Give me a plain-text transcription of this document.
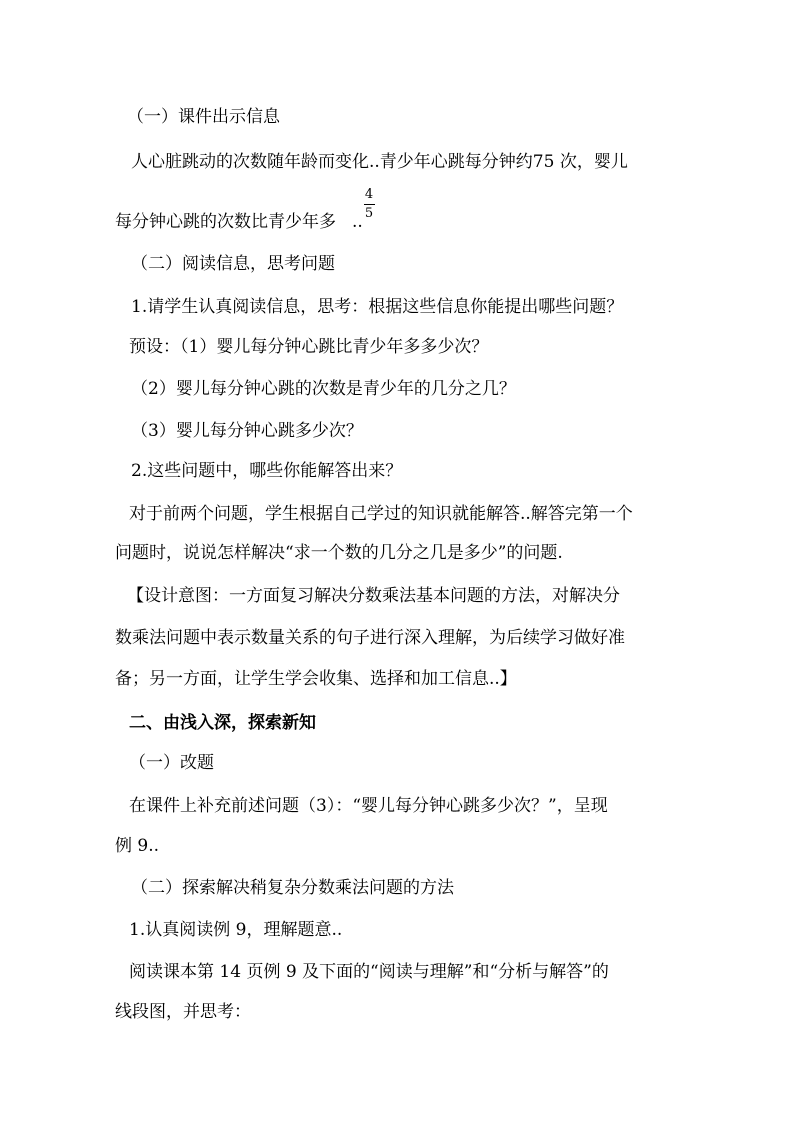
（一）课件出示信息
人心脏跳动的次数随年龄而变化..青少年心跳每分钟约75 次，婴儿
每分钟心跳的次数比青少年多 ..
4
5
（二）阅读信息，思考问题
1.请学生认真阅读信息，思考：根据这些信息你能提出哪些问题？
预设：（1）婴儿每分钟心跳比青少年多多少次？
（2）婴儿每分钟心跳的次数是青少年的几分之几？
（3）婴儿每分钟心跳多少次？
2.这些问题中，哪些你能解答出来？
对于前两个问题，学生根据自己学过的知识就能解答..解答完第一个
问题时，说说怎样解决“求一个数的几分之几是多少”的问题.
【设计意图：一方面复习解决分数乘法基本问题的方法，对解决分
数乘法问题中表示数量关系的句子进行深入理解，为后续学习做好准
备；另一方面，让学生学会收集、选择和加工信息..】
二、由浅入深，探索新知
（一）改题
在课件上补充前述问题（3）：“婴儿每分钟心跳多少次？”，呈现
例 9..
（二）探索解决稍复杂分数乘法问题的方法
1.认真阅读例 9，理解题意..
阅读课本第 14 页例 9 及下面的“阅读与理解”和“分析与解答”的
线段图，并思考：
